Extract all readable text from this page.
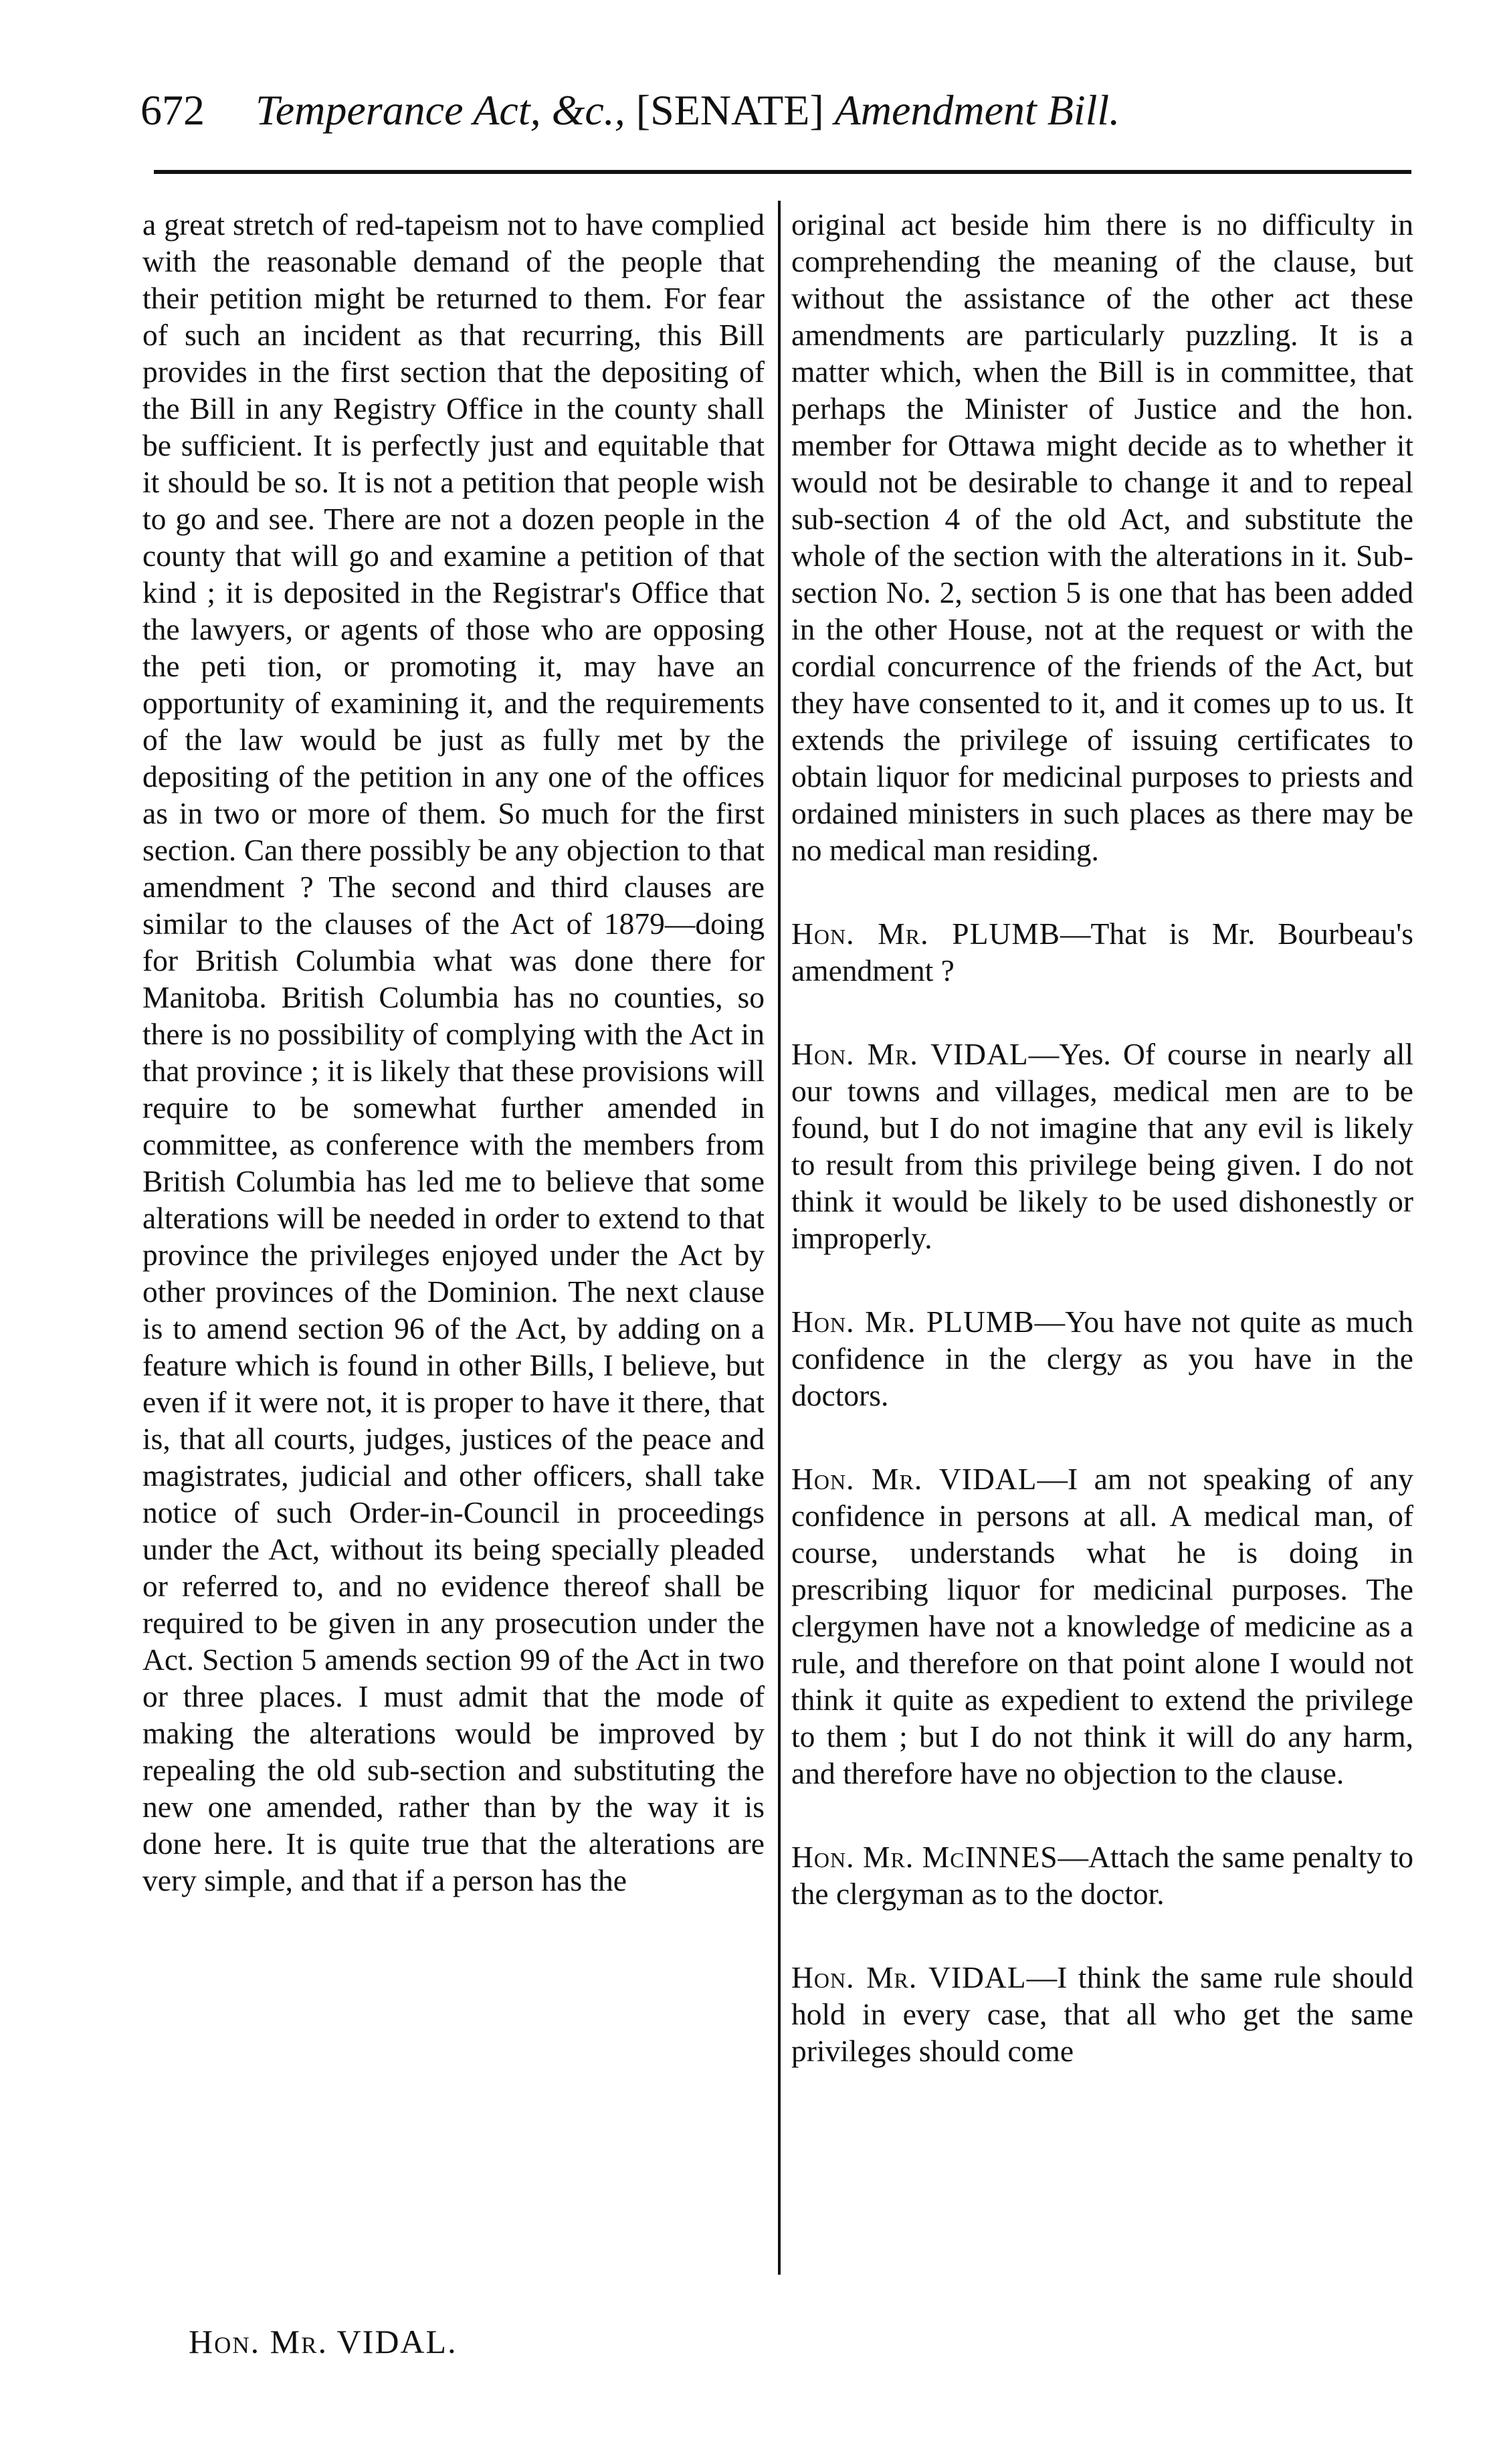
672 Temperance Act, &c., [SENATE] Amendment Bill.

a great stretch of red-tapeism not to have complied with the reasonable demand of the people that their petition might be returned to them. For fear of such an incident as that recurring, this Bill provides in the first section that the depositing of the Bill in any Registry Office in the county shall be sufficient. It is perfectly just and equitable that it should be so. It is not a petition that people wish to go and see. There are not a dozen people in the county that will go and examine a petition of that kind ; it is deposited in the Registrar's Office that the lawyers, or agents of those who are opposing the peti tion, or promoting it, may have an opportunity of examining it, and the requirements of the law would be just as fully met by the depositing of the petition in any one of the offices as in two or more of them. So much for the first section. Can there possibly be any objection to that amendment ? The second and third clauses are similar to the clauses of the Act of 1879—doing for British Columbia what was done there for Manitoba. British Columbia has no counties, so there is no possibility of complying with the Act in that province ; it is likely that these provisions will require to be somewhat further amended in committee, as conference with the members from British Columbia has led me to believe that some alterations will be needed in order to extend to that province the privileges enjoyed under the Act by other provinces of the Dominion. The next clause is to amend section 96 of the Act, by adding on a feature which is found in other Bills, I believe, but even if it were not, it is proper to have it there, that is, that all courts, judges, justices of the peace and magistrates, judicial and other officers, shall take notice of such Order-in-Council in proceedings under the Act, without its being specially pleaded or referred to, and no evidence thereof shall be required to be given in any prosecution under the Act. Section 5 amends section 99 of the Act in two or three places. I must admit that the mode of making the alterations would be improved by repealing the old sub-section and substituting the new one amended, rather than by the way it is done here. It is quite true that the alterations are very simple, and that if a person has the

original act beside him there is no difficulty in comprehending the meaning of the clause, but without the assistance of the other act these amendments are particularly puzzling. It is a matter which, when the Bill is in committee, that perhaps the Minister of Justice and the hon. member for Ottawa might decide as to whether it would not be desirable to change it and to repeal sub-section 4 of the old Act, and substitute the whole of the section with the alterations in it. Sub-section No. 2, section 5 is one that has been added in the other House, not at the request or with the cordial concurrence of the friends of the Act, but they have consented to it, and it comes up to us. It extends the privilege of issuing certificates to obtain liquor for medicinal purposes to priests and ordained ministers in such places as there may be no medical man residing.

Hon. Mr. PLUMB—That is Mr. Bourbeau's amendment ?

Hon. Mr. VIDAL—Yes. Of course in nearly all our towns and villages, medical men are to be found, but I do not imagine that any evil is likely to result from this privilege being given. I do not think it would be likely to be used dishonestly or improperly.

Hon. Mr. PLUMB—You have not quite as much confidence in the clergy as you have in the doctors.

Hon. Mr. VIDAL—I am not speaking of any confidence in persons at all. A medical man, of course, understands what he is doing in prescribing liquor for medicinal purposes. The clergymen have not a knowledge of medicine as a rule, and therefore on that point alone I would not think it quite as expedient to extend the privilege to them ; but I do not think it will do any harm, and therefore have no objection to the clause.

Hon. Mr. McINNES—Attach the same penalty to the clergyman as to the doctor.

Hon. Mr. VIDAL—I think the same rule should hold in every case, that all who get the same privileges should come

Hon. Mr. VIDAL.
